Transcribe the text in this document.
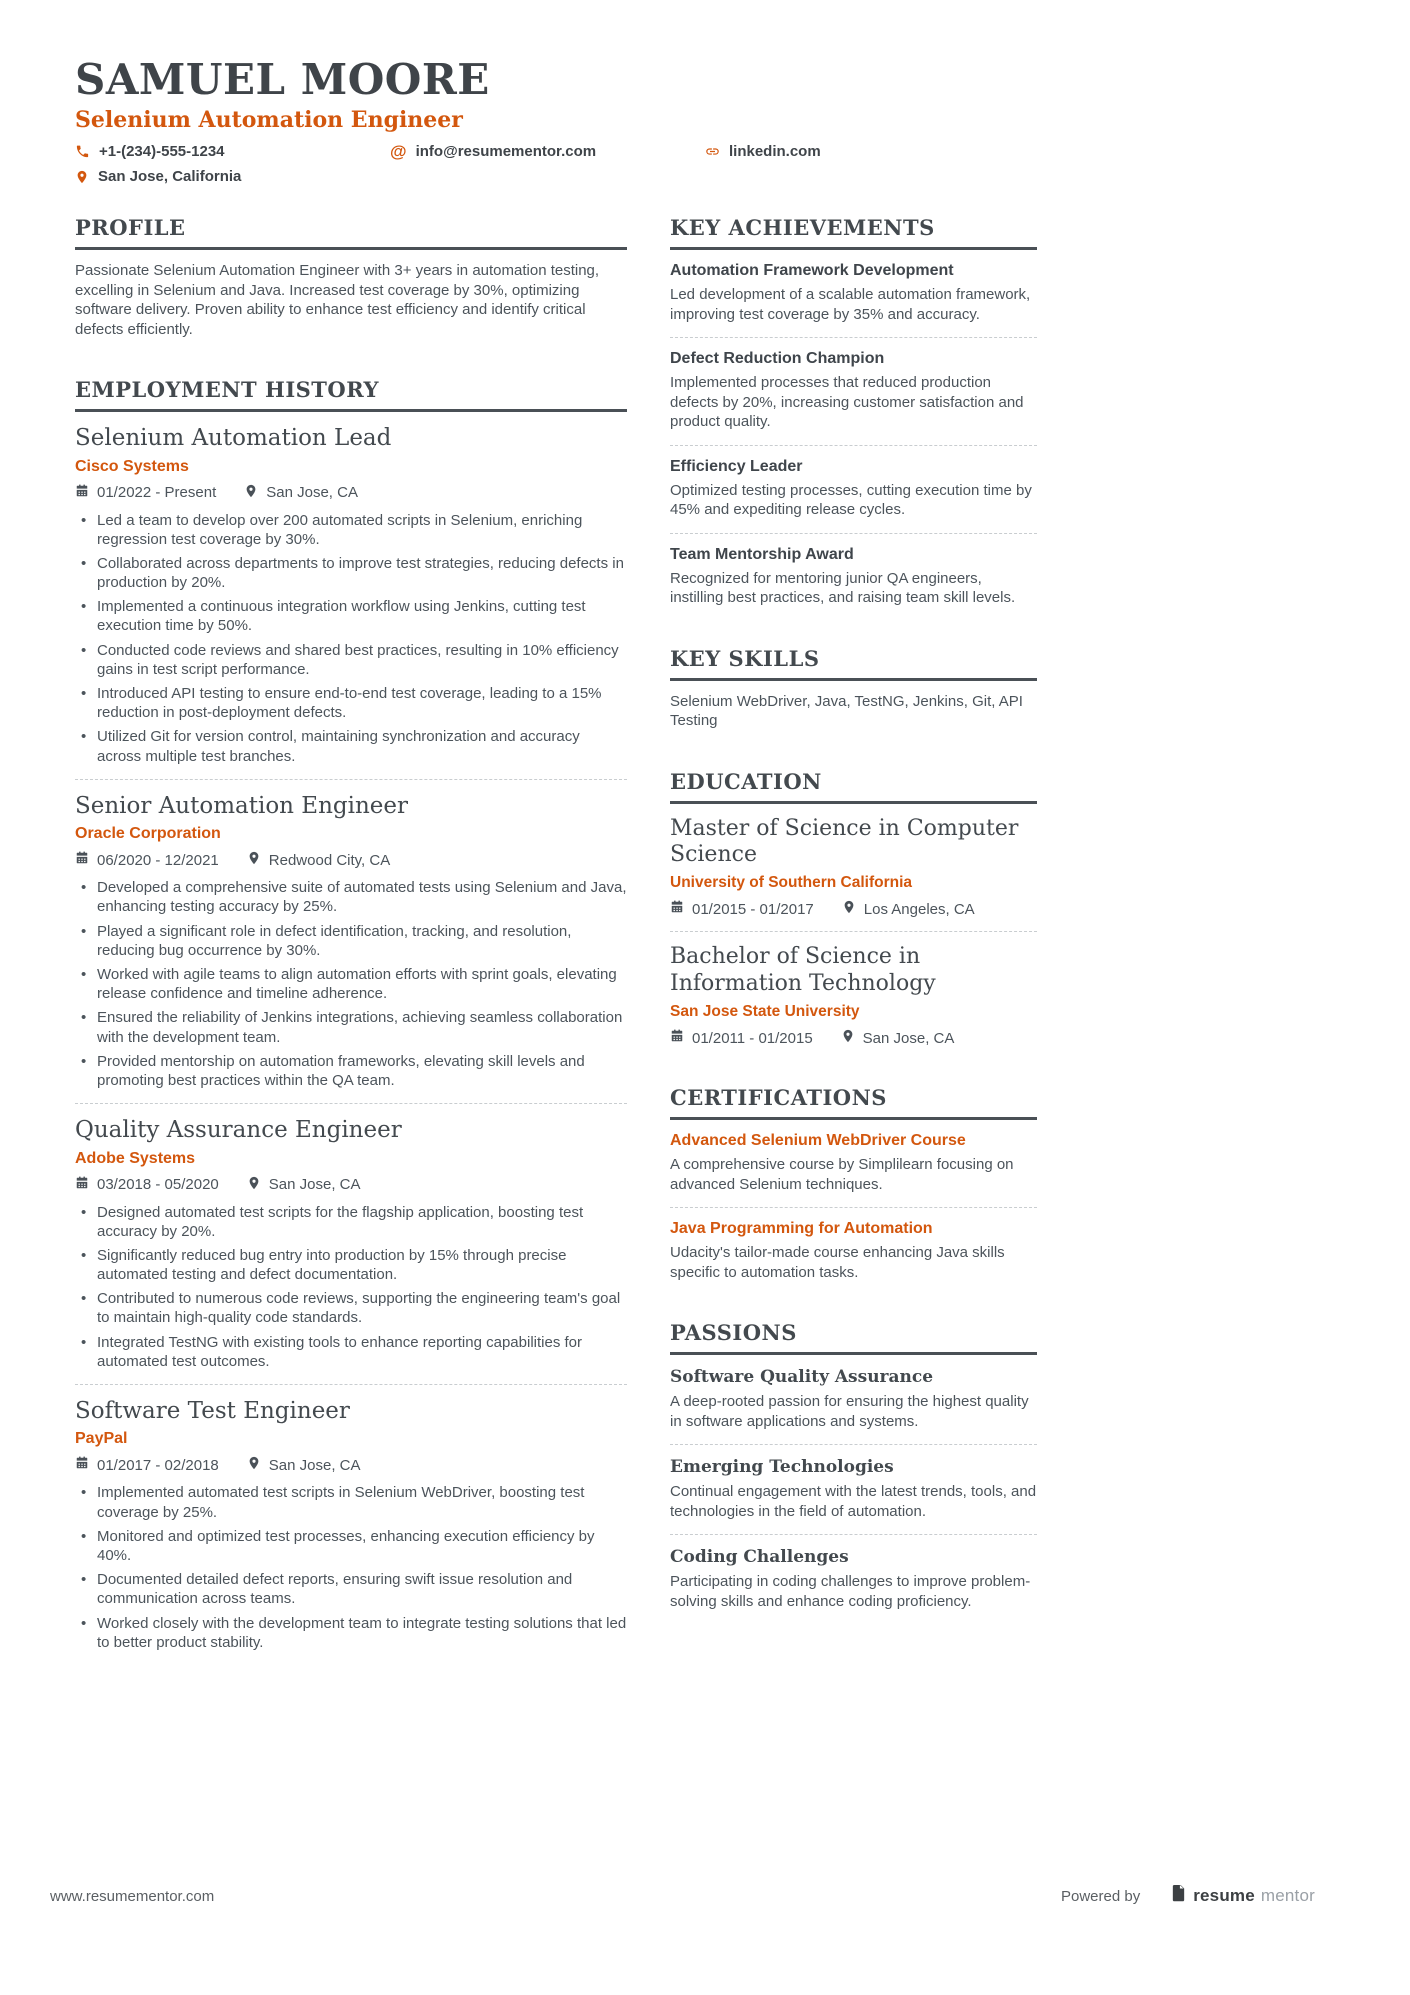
SAMUEL MOORE
Selenium Automation Engineer
+1-(234)-555-1234	@ info@resumementor.com	linkedin.com
San Jose, California
PROFILE
Passionate Selenium Automation Engineer with 3+ years in automation testing, excelling in Selenium and Java. Increased test coverage by 30%, optimizing software delivery. Proven ability to enhance test efficiency and identify critical defects efficiently.
EMPLOYMENT HISTORY
Selenium Automation Lead
Cisco Systems
01/2022 - Present	San Jose, CA
• Led a team to develop over 200 automated scripts in Selenium, enriching regression test coverage by 30%.
• Collaborated across departments to improve test strategies, reducing defects in production by 20%.
• Implemented a continuous integration workflow using Jenkins, cutting test execution time by 50%.
• Conducted code reviews and shared best practices, resulting in 10% efficiency gains in test script performance.
• Introduced API testing to ensure end-to-end test coverage, leading to a 15% reduction in post-deployment defects.
• Utilized Git for version control, maintaining synchronization and accuracy across multiple test branches.
Senior Automation Engineer
Oracle Corporation
06/2020 - 12/2021	Redwood City, CA
• Developed a comprehensive suite of automated tests using Selenium and Java, enhancing testing accuracy by 25%.
• Played a significant role in defect identification, tracking, and resolution, reducing bug occurrence by 30%.
• Worked with agile teams to align automation efforts with sprint goals, elevating release confidence and timeline adherence.
• Ensured the reliability of Jenkins integrations, achieving seamless collaboration with the development team.
• Provided mentorship on automation frameworks, elevating skill levels and promoting best practices within the QA team.
Quality Assurance Engineer
Adobe Systems
03/2018 - 05/2020	San Jose, CA
• Designed automated test scripts for the flagship application, boosting test accuracy by 20%.
• Significantly reduced bug entry into production by 15% through precise automated testing and defect documentation.
• Contributed to numerous code reviews, supporting the engineering team's goal to maintain high-quality code standards.
• Integrated TestNG with existing tools to enhance reporting capabilities for automated test outcomes.
Software Test Engineer
PayPal
01/2017 - 02/2018	San Jose, CA
• Implemented automated test scripts in Selenium WebDriver, boosting test coverage by 25%.
• Monitored and optimized test processes, enhancing execution efficiency by 40%.
• Documented detailed defect reports, ensuring swift issue resolution and communication across teams.
• Worked closely with the development team to integrate testing solutions that led to better product stability.
KEY ACHIEVEMENTS
Automation Framework Development
Led development of a scalable automation framework, improving test coverage by 35% and accuracy.
Defect Reduction Champion
Implemented processes that reduced production defects by 20%, increasing customer satisfaction and product quality.
Efficiency Leader
Optimized testing processes, cutting execution time by 45% and expediting release cycles.
Team Mentorship Award
Recognized for mentoring junior QA engineers, instilling best practices, and raising team skill levels.
KEY SKILLS
Selenium WebDriver, Java, TestNG, Jenkins, Git, API Testing
EDUCATION
Master of Science in Computer Science
University of Southern California
01/2015 - 01/2017	Los Angeles, CA
Bachelor of Science in Information Technology
San Jose State University
01/2011 - 01/2015	San Jose, CA
CERTIFICATIONS
Advanced Selenium WebDriver Course
A comprehensive course by Simplilearn focusing on advanced Selenium techniques.
Java Programming for Automation
Udacity's tailor-made course enhancing Java skills specific to automation tasks.
PASSIONS
Software Quality Assurance
A deep-rooted passion for ensuring the highest quality in software applications and systems.
Emerging Technologies
Continual engagement with the latest trends, tools, and technologies in the field of automation.
Coding Challenges
Participating in coding challenges to improve problem-solving skills and enhance coding proficiency.
www.resumementor.com	Powered by	resume mentor
